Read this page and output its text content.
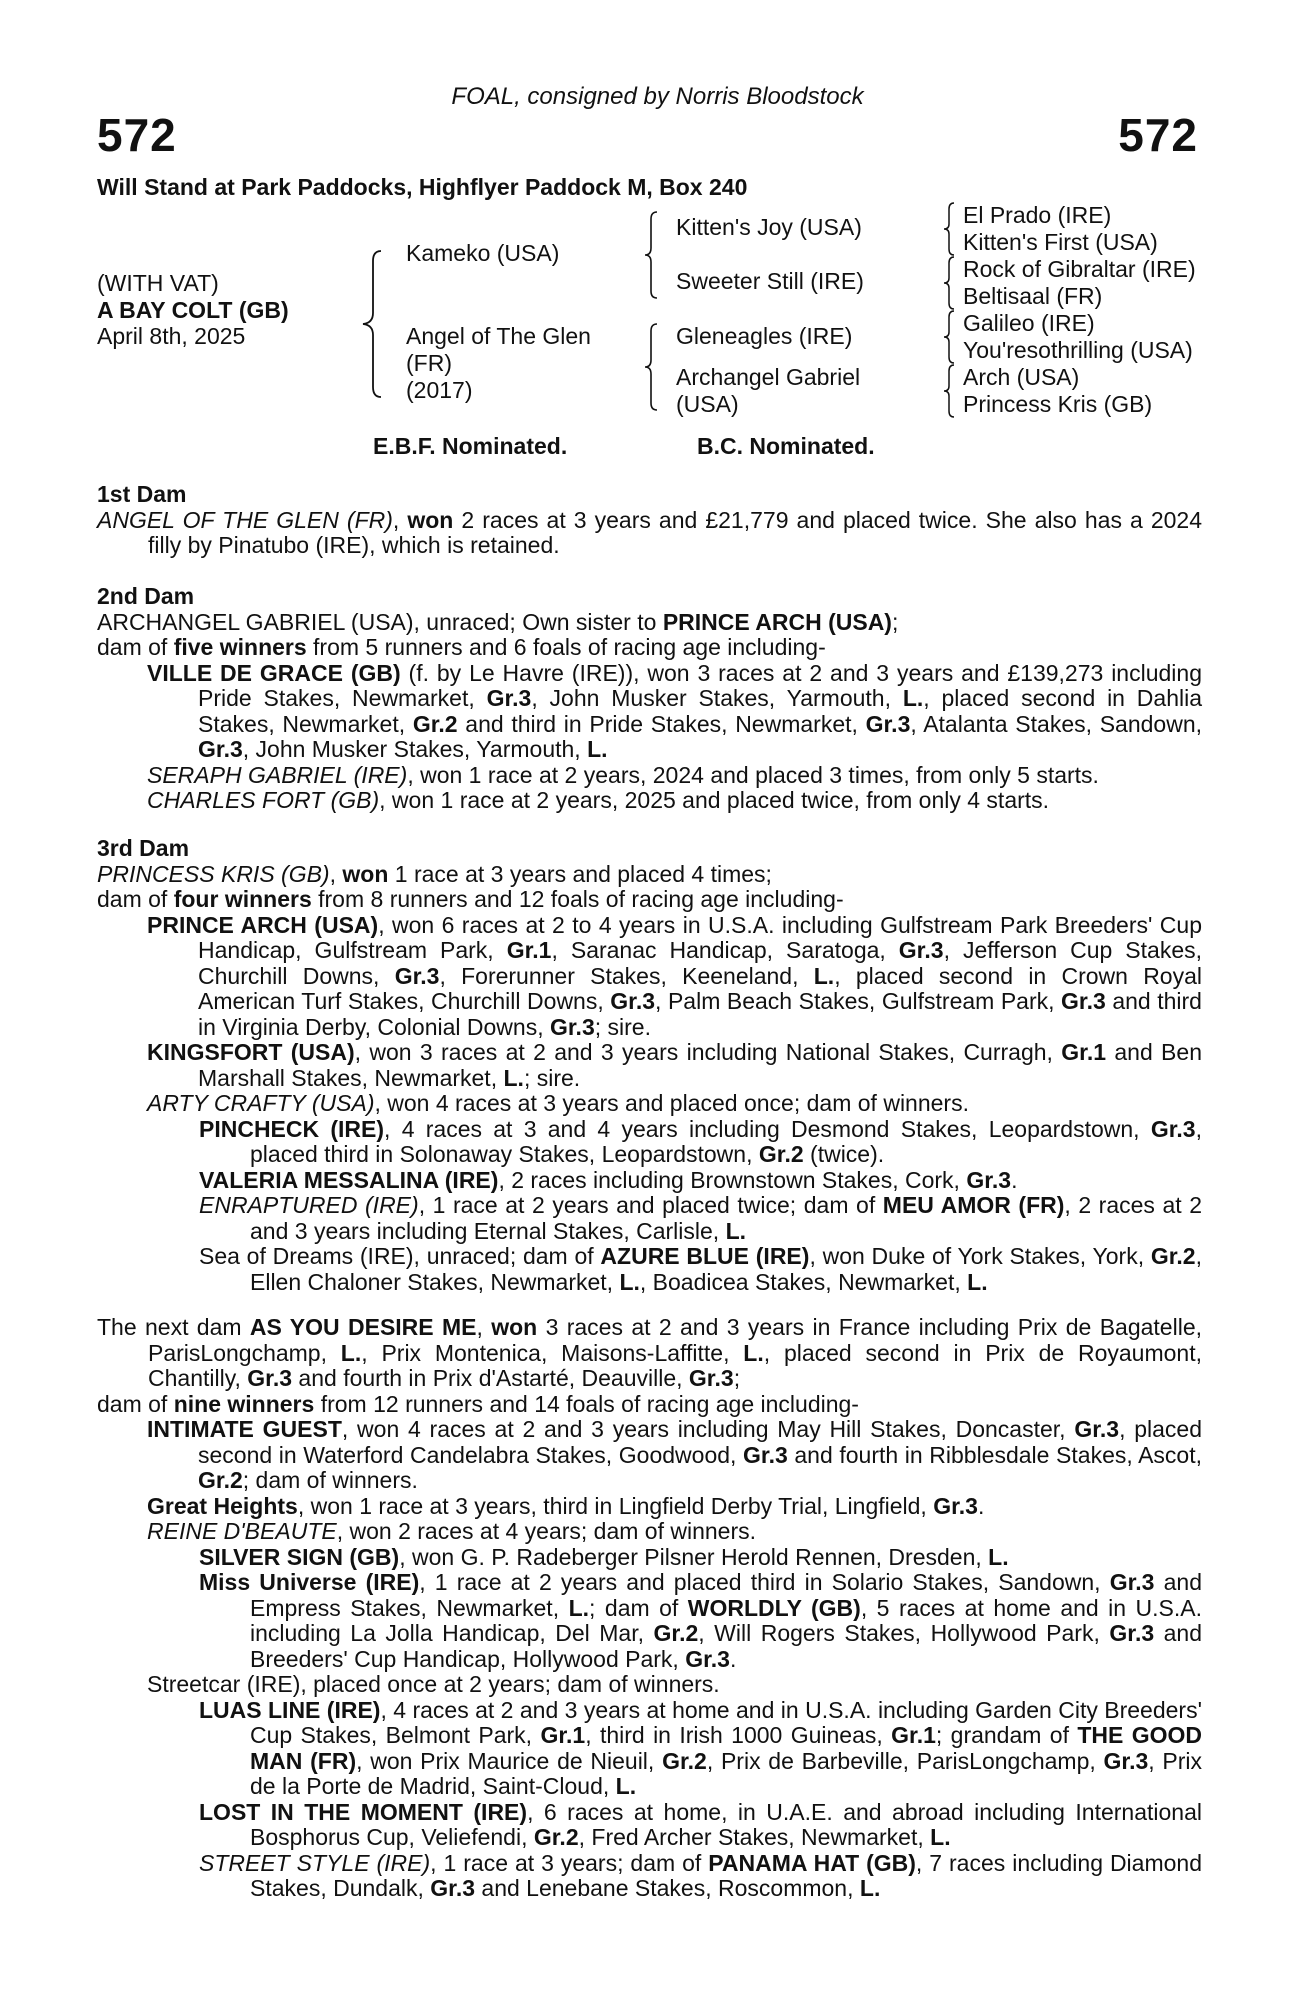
FOAL, consigned by Norris Bloodstock
572	572
Will Stand at Park Paddocks, Highflyer Paddock M, Box 240
(WITH VAT)
A BAY COLT (GB)
April 8th, 2025
Kameko (USA)
Angel of The Glen
(FR)
(2017)
Kitten's Joy (USA)
Sweeter Still (IRE)
Gleneagles (IRE)
Archangel Gabriel
(USA)
El Prado (IRE)
Kitten's First (USA)
Rock of Gibraltar (IRE)
Beltisaal (FR)
Galileo (IRE)
You'resothrilling (USA)
Arch (USA)
Princess Kris (GB)
E.B.F. Nominated.	B.C. Nominated.

1st Dam

ANGEL OF THE GLEN (FR), won 2 races at 3 years and £21,779 and placed twice. She also has a 2024 filly by Pinatubo (IRE), which is retained.

2nd Dam

ARCHANGEL GABRIEL (USA), unraced; Own sister to PRINCE ARCH (USA);

dam of five winners from 5 runners and 6 foals of racing age including-

VILLE DE GRACE (GB) (f. by Le Havre (IRE)), won 3 races at 2 and 3 years and £139,273 including Pride Stakes, Newmarket, Gr.3, John Musker Stakes, Yarmouth, L., placed second in Dahlia Stakes, Newmarket, Gr.2 and third in Pride Stakes, Newmarket, Gr.3, Atalanta Stakes, Sandown, Gr.3, John Musker Stakes, Yarmouth, L.

SERAPH GABRIEL (IRE), won 1 race at 2 years, 2024 and placed 3 times, from only 5 starts.

CHARLES FORT (GB), won 1 race at 2 years, 2025 and placed twice, from only 4 starts.

3rd Dam

PRINCESS KRIS (GB), won 1 race at 3 years and placed 4 times;

dam of four winners from 8 runners and 12 foals of racing age including-

PRINCE ARCH (USA), won 6 races at 2 to 4 years in U.S.A. including Gulfstream Park Breeders' Cup Handicap, Gulfstream Park, Gr.1, Saranac Handicap, Saratoga, Gr.3, Jefferson Cup Stakes, Churchill Downs, Gr.3, Forerunner Stakes, Keeneland, L., placed second in Crown Royal American Turf Stakes, Churchill Downs, Gr.3, Palm Beach Stakes, Gulfstream Park, Gr.3 and third in Virginia Derby, Colonial Downs, Gr.3; sire.

KINGSFORT (USA), won 3 races at 2 and 3 years including National Stakes, Curragh, Gr.1 and Ben Marshall Stakes, Newmarket, L.; sire.

ARTY CRAFTY (USA), won 4 races at 3 years and placed once; dam of winners.

PINCHECK (IRE), 4 races at 3 and 4 years including Desmond Stakes, Leopardstown, Gr.3, placed third in Solonaway Stakes, Leopardstown, Gr.2 (twice).

VALERIA MESSALINA (IRE), 2 races including Brownstown Stakes, Cork, Gr.3.

ENRAPTURED (IRE), 1 race at 2 years and placed twice; dam of MEU AMOR (FR), 2 races at 2 and 3 years including Eternal Stakes, Carlisle, L.

Sea of Dreams (IRE), unraced; dam of AZURE BLUE (IRE), won Duke of York Stakes, York, Gr.2, Ellen Chaloner Stakes, Newmarket, L., Boadicea Stakes, Newmarket, L.

The next dam AS YOU DESIRE ME, won 3 races at 2 and 3 years in France including Prix de Bagatelle, ParisLongchamp, L., Prix Montenica, Maisons-Laffitte, L., placed second in Prix de Royaumont, Chantilly, Gr.3 and fourth in Prix d'Astarté, Deauville, Gr.3;

dam of nine winners from 12 runners and 14 foals of racing age including-

INTIMATE GUEST, won 4 races at 2 and 3 years including May Hill Stakes, Doncaster, Gr.3, placed second in Waterford Candelabra Stakes, Goodwood, Gr.3 and fourth in Ribblesdale Stakes, Ascot, Gr.2; dam of winners.

Great Heights, won 1 race at 3 years, third in Lingfield Derby Trial, Lingfield, Gr.3.

REINE D'BEAUTE, won 2 races at 4 years; dam of winners.

SILVER SIGN (GB), won G. P. Radeberger Pilsner Herold Rennen, Dresden, L.

Miss Universe (IRE), 1 race at 2 years and placed third in Solario Stakes, Sandown, Gr.3 and Empress Stakes, Newmarket, L.; dam of WORLDLY (GB), 5 races at home and in U.S.A. including La Jolla Handicap, Del Mar, Gr.2, Will Rogers Stakes, Hollywood Park, Gr.3 and Breeders' Cup Handicap, Hollywood Park, Gr.3.

Streetcar (IRE), placed once at 2 years; dam of winners.

LUAS LINE (IRE), 4 races at 2 and 3 years at home and in U.S.A. including Garden City Breeders' Cup Stakes, Belmont Park, Gr.1, third in Irish 1000 Guineas, Gr.1; grandam of THE GOOD MAN (FR), won Prix Maurice de Nieuil, Gr.2, Prix de Barbeville, ParisLongchamp, Gr.3, Prix de la Porte de Madrid, Saint-Cloud, L.

LOST IN THE MOMENT (IRE), 6 races at home, in U.A.E. and abroad including International Bosphorus Cup, Veliefendi, Gr.2, Fred Archer Stakes, Newmarket, L.

STREET STYLE (IRE), 1 race at 3 years; dam of PANAMA HAT (GB), 7 races including Diamond Stakes, Dundalk, Gr.3 and Lenebane Stakes, Roscommon, L.
